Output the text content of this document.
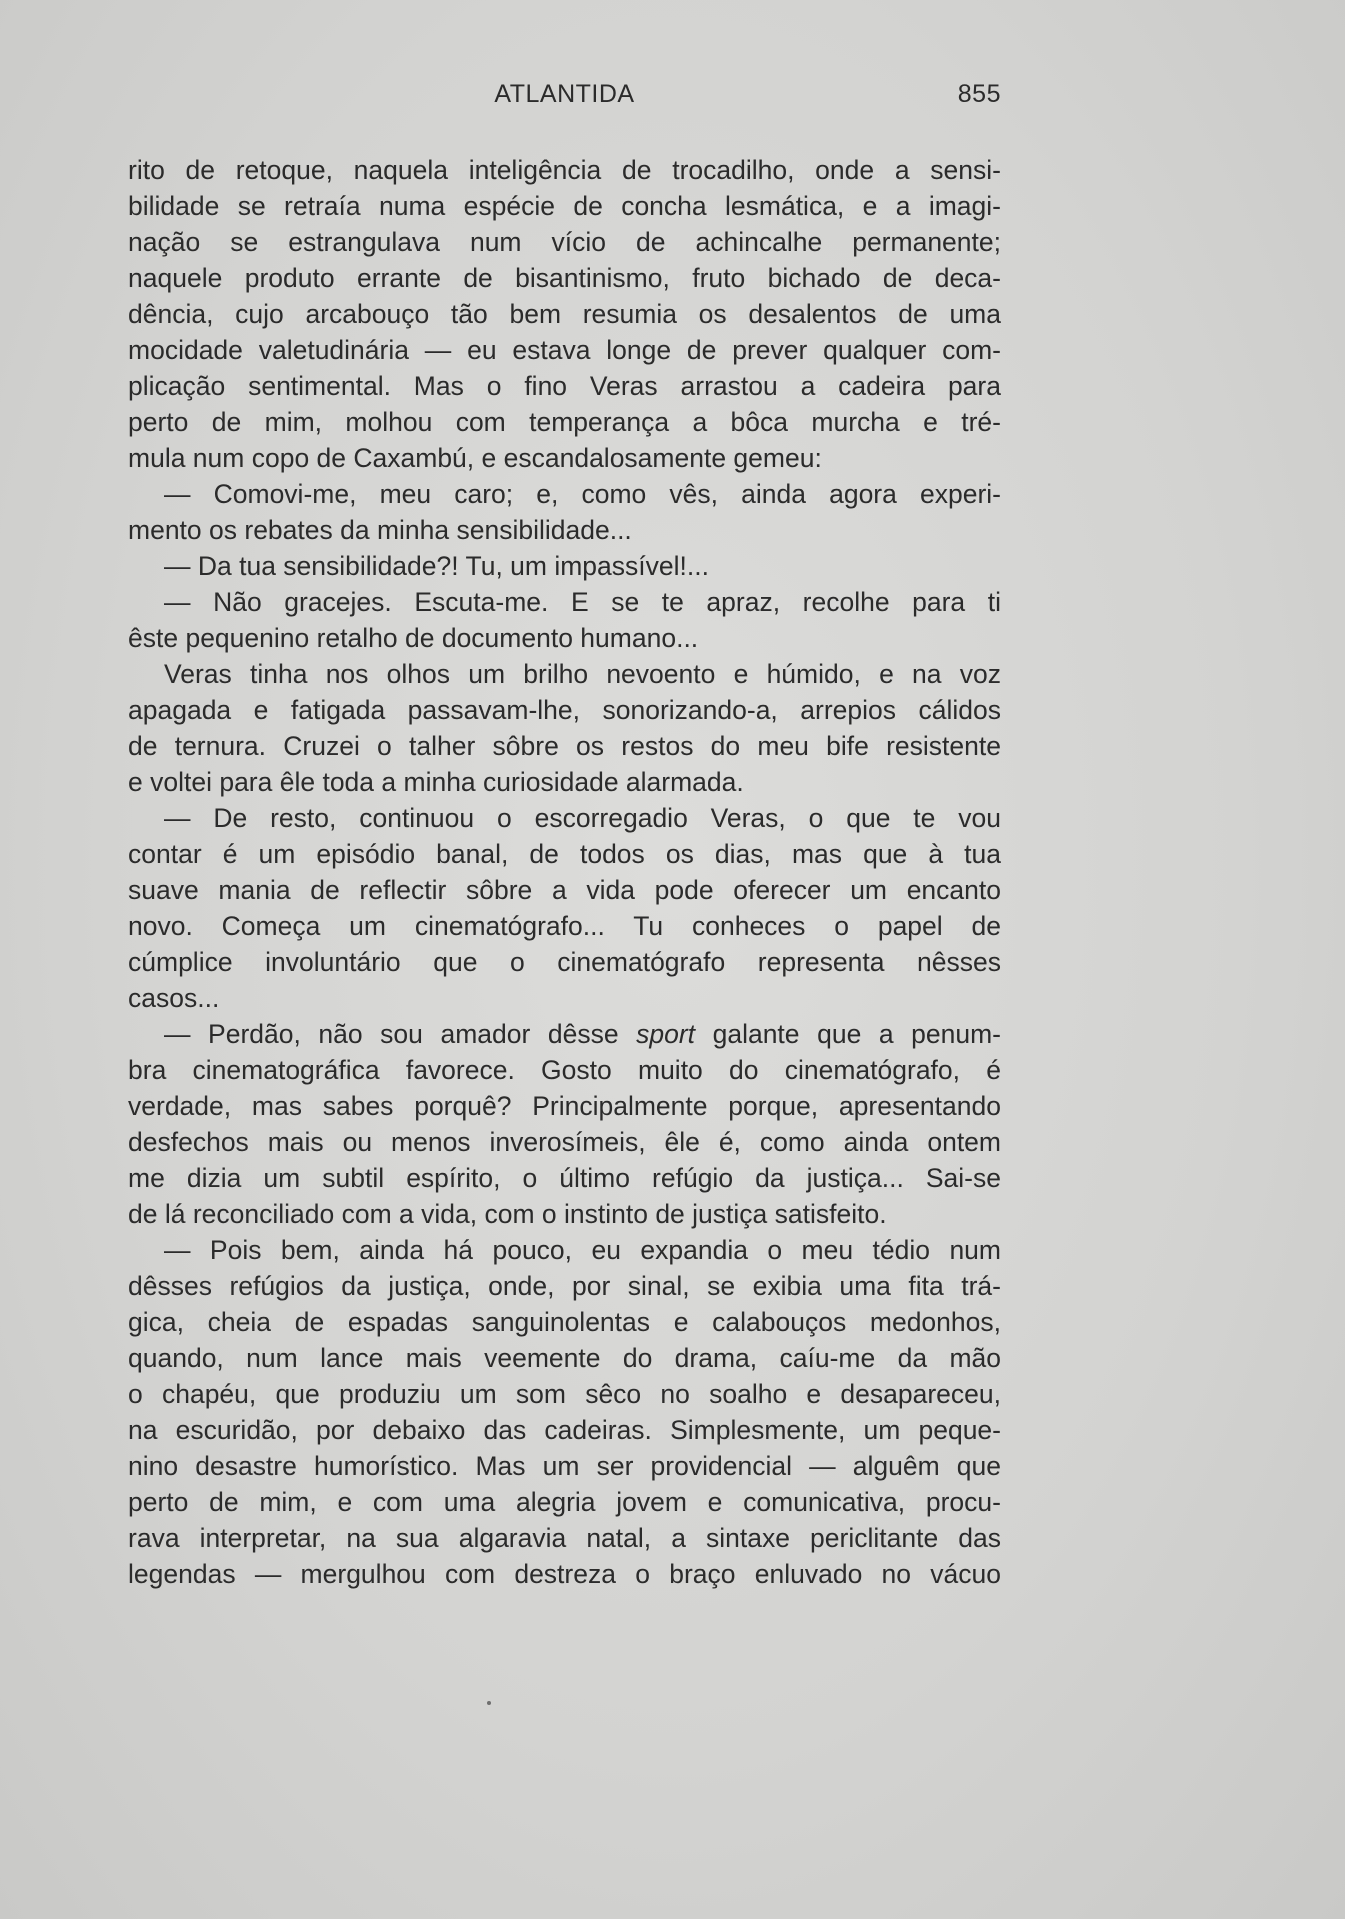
ATLANTIDA	855
rito de retoque, naquela inteligência de trocadilho, onde a sensi-
bilidade se retraía numa espécie de concha lesmática, e a imagi-
nação se estrangulava num vício de achincalhe permanente;
naquele produto errante de bisantinismo, fruto bichado de deca-
dência, cujo arcabouço tão bem resumia os desalentos de uma
mocidade valetudinária — eu estava longe de prever qualquer com-
plicação sentimental. Mas o fino Veras arrastou a cadeira para
perto de mim, molhou com temperança a bôca murcha e tré-
mula num copo de Caxambú, e escandalosamente gemeu:
— Comovi-me, meu caro; e, como vês, ainda agora experi-
mento os rebates da minha sensibilidade...
— Da tua sensibilidade?! Tu, um impassível!...
— Não gracejes. Escuta-me. E se te apraz, recolhe para ti
êste pequenino retalho de documento humano...
Veras tinha nos olhos um brilho nevoento e húmido, e na voz
apagada e fatigada passavam-lhe, sonorizando-a, arrepios cálidos
de ternura. Cruzei o talher sôbre os restos do meu bife resistente
e voltei para êle toda a minha curiosidade alarmada.
— De resto, continuou o escorregadio Veras, o que te vou
contar é um episódio banal, de todos os dias, mas que à tua
suave mania de reflectir sôbre a vida pode oferecer um encanto
novo. Começa um cinematógrafo... Tu conheces o papel de
cúmplice involuntário que o cinematógrafo representa nêsses
casos...
— Perdão, não sou amador dêsse sport galante que a penum-
bra cinematográfica favorece. Gosto muito do cinematógrafo, é
verdade, mas sabes porquê? Principalmente porque, apresentando
desfechos mais ou menos inverosímeis, êle é, como ainda ontem
me dizia um subtil espírito, o último refúgio da justiça... Sai-se
de lá reconciliado com a vida, com o instinto de justiça satisfeito.
— Pois bem, ainda há pouco, eu expandia o meu tédio num
dêsses refúgios da justiça, onde, por sinal, se exibia uma fita trá-
gica, cheia de espadas sanguinolentas e calabouços medonhos,
quando, num lance mais veemente do drama, caíu-me da mão
o chapéu, que produziu um som sêco no soalho e desapareceu,
na escuridão, por debaixo das cadeiras. Simplesmente, um peque-
nino desastre humorístico. Mas um ser providencial — alguêm que
perto de mim, e com uma alegria jovem e comunicativa, procu-
rava interpretar, na sua algaravia natal, a sintaxe periclitante das
legendas — mergulhou com destreza o braço enluvado no vácuo
